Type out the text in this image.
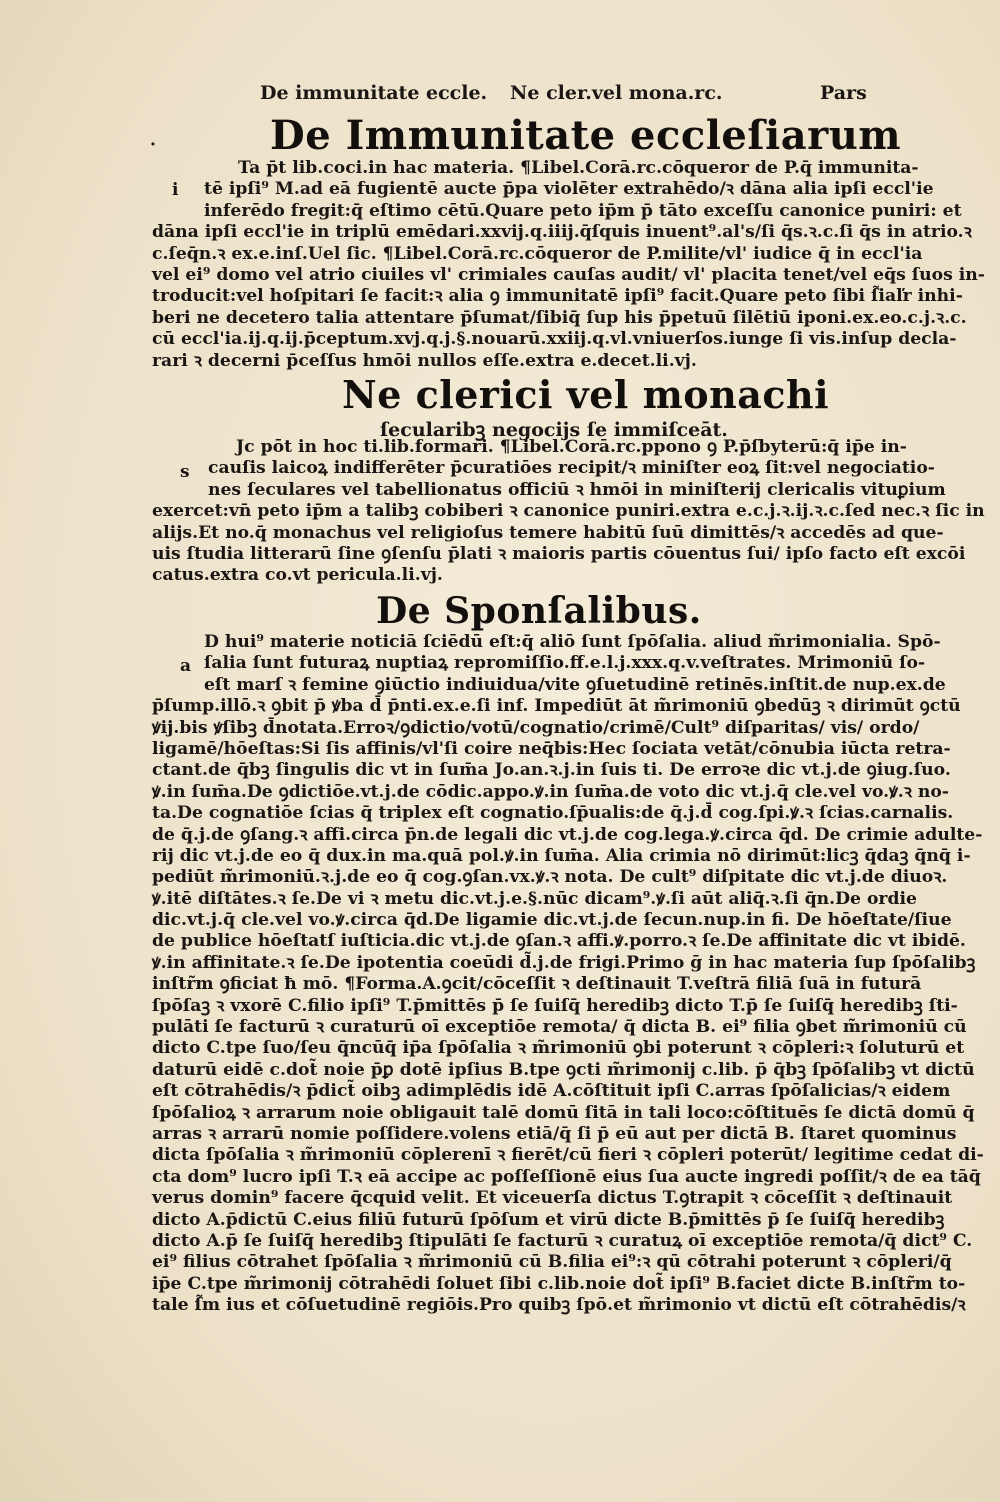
De immunitate eccle. Ne cler.vel mona.rc.	Pars
De Immunitate eccleſiarum
·
i
Ta p̄t lib.coci.in hac materia. ¶Libel.Corā.rc.cōqueror de P.q̄ immunita-
tē ipſi⁹ M.ad eā fugientē aucte p̄pa violēter extrahēdo/ꝛ dāna alia ipſi eccl'ie
inferēdo fregit:q̄ eſtimo cētū.Quare peto ip̄m p̄ tāto exceſſu canonice puniri: et
dāna ipſi eccl'ie in triplū emēdari.xxvij.q.iiij.q̄ſquis inuent⁹.al's/ſi q̄s.ꝛ.c.ſi q̄s in atrio.ꝛ
c.ſeq̄n.ꝛ ex.e.inſ.Uel ſic. ¶Libel.Corā.rc.cōqueror de P.milite/vl' iudice q̄ in eccl'ia
vel ei⁹ domo vel atrio ciuiles vl' crimiales cauſas audit/ vl' placita tenet/vel eq̄s ſuos in-
troducit:vel hoſpitari ſe facit:ꝛ alia ꝯ immunitatē ipſi⁹ facit.Quare peto ſibi ſ̃iaľr inhi-
beri ne decetero talia attentare p̄ſumat/ſibiq̄ ſup his p̄petuū ſilētiū iponi.ex.eo.c.j.ꝛ.c.
cū eccl'ia.ij.q.ij.p̄ceptum.xvj.q.j.§.nouarū.xxiij.q.vl.vniuerſos.iunge ſi vis.inſup decla-
rari ꝛ decerni p̄ceſſus hmōi nullos eſſe.extra e.decet.li.vj.
Ne clerici vel monachi
ſecularibꝫ negocijs ſe immiſceāt.
s
Jc pōt in hoc ti.lib.formari. ¶Libel.Corā.rc.ppono ꝯ P.p̄ſbyterū:q̄ ip̄e in-
cauſis laicoꝝ indifferēter p̄curatiōes recipit/ꝛ miniſter eoꝝ ſit:vel negociatio-
nes ſeculares vel tabellionatus officiū ꝛ hmōi in miniſterij clericalis vituꝑium
exercet:vn̄ peto ip̄m a talibꝫ cobiberi ꝛ canonice puniri.extra e.c.j.ꝛ.ij.ꝛ.c.ſed nec.ꝛ ſic in
alijs.Et no.q̄ monachus vel religioſus temere habitū ſuū dimittēs/ꝛ accedēs ad que-
uis ſtudia litterarū ſine ꝯſenſu p̄lati ꝛ maioris partis cōuentus ſui/ ipſo facto eſt excōi
catus.extra co.vt pericula.li.vj.
De Sponſalibus.
a
D hui⁹ materie noticiā ſciēdū eſt:q̄ aliō ſunt ſpōſalia. aliud m̃rimonialia. Spō-
ſalia ſunt futuraꝝ nuptiaꝝ repromiſſio.ff.e.l.j.xxx.q.v.veſtrates. Mrimoniū ſo-
eſt marſ ꝛ femine ꝯiūctio indiuidua/vite ꝯſuetudinē retinēs.inſtit.de nup.ex.de
p̄ſump.illō.ꝛ ꝯbit p̄ ꝟba d̄ p̄nti.ex.e.ſi inf. Impediūt āt m̃rimoniū ꝯbedūꝫ ꝛ dirimūt ꝯctū
ꝟij.bis ꝟſibꝫ d̄notata.Erroꝛ/ꝯdictio/votū/cognatio/crimē/Cult⁹ diſparitas/ vis/ ordo/
ligamē/hōeſtas:Si ſis affinis/vl'ſi coire neq̄bis:Hec ſociata vetāt/cōnubia iūcta retra-
ctant.de q̄bꝫ ſingulis dic vt in ſum̄a Jo.an.ꝛ.j.in ſuis ti. De erroꝛe dic vt.j.de ꝯiug.ſuo.
ꝟ.in ſum̄a.De ꝯdictiōe.vt.j.de cōdic.appo.ꝟ.in ſum̄a.de voto dic vt.j.q̄ cle.vel vo.ꝟ.ꝛ no-
ta.De cognatiōe ſcias q̄ triplex eſt cognatio.ſp̄ualis:de q̄.j.d̄ cog.ſpi.ꝟ.ꝛ ſcias.carnalis.
de q̄.j.de ꝯſang.ꝛ affi.circa p̄n.de legali dic vt.j.de cog.lega.ꝟ.circa q̄d. De crimie adulte-
rij dic vt.j.de eo q̄ dux.in ma.quā pol.ꝟ.in ſum̄a. Alia crimia nō dirimūt:licꝫ q̄daꝫ q̄nq̄ i-
pediūt m̃rimoniū.ꝛ.j.de eo q̄ cog.ꝯſan.vx.ꝟ.ꝛ nota. De cult⁹ diſpitate dic vt.j.de diuoꝛ.
ꝟ.itē diſtātes.ꝛ ſe.De vi ꝛ metu dic.vt.j.e.§.nūc dicam⁹.ꝟ.ſi aūt aliq̄.ꝛ.ſi q̄n.De ordie
dic.vt.j.q̄ cle.vel vo.ꝟ.circa q̄d.De ligamie dic.vt.j.de ſecun.nup.in fi. De hōeſtate/ſiue
de publice hōeſtatſ iuſticia.dic vt.j.de ꝯſan.ꝛ affi.ꝟ.porro.ꝛ ſe.De affinitate dic vt ibidē.
ꝟ.in affinitate.ꝛ ſe.De ipotentia coeūdi d̃.j.de frigi.Primo ḡ in hac materia ſup ſpōſalibꝫ
inſtr̃m ꝯficiat ħ mō. ¶Forma.A.ꝯcit/cōceſſit ꝛ deſtinauit T.veſtrā filiā ſuā in futurā
ſpōſaꝫ ꝛ vxorē C.filio ipſi⁹ T.p̄mittēs p̄ ſe ſuiſq̄ heredibꝫ dicto T.p̄ ſe ſuiſq̄ heredibꝫ ſti-
pulāti ſe facturū ꝛ curaturū oī exceptiōe remota/ q̄ dicta B. ei⁹ filia ꝯbet m̃rimoniū cū
dicto C.tpe ſuo/ſeu q̄ncūq̄ ip̄a ſpōſalia ꝛ m̃rimoniū ꝯbi poterunt ꝛ cōpleri:ꝛ ſoluturū et
daturū eidē c.dot̃ noie p̄ꝑ dotē ipſius B.tpe ꝯcti m̃rimonij c.lib. p̄ q̄bꝫ ſpōſalibꝫ vt dictū
eſt cōtrahēdis/ꝛ p̄dict̃ oibꝫ adimplēdis idē A.cōſtituit ipſi C.arras ſpōſalicias/ꝛ eidem
ſpōſalioꝝ ꝛ arrarum noie obligauit talē domū ſitā in tali loco:cōſtituēs ſe dictā domū q̄
arras ꝛ arrarū nomie poſſidere.volens etiā/q̄ ſi p̄ eū aut per dictā B. ſtaret quominus
dicta ſpōſalia ꝛ m̃rimoniū cōplerenī ꝛ fierēt/cū fieri ꝛ cōpleri poterūt/ legitime cedat di-
cta dom⁹ lucro ipſi T.ꝛ eā accipe ac poſſeſſionē eius ſua aucte ingredi poſſit/ꝛ de ea tāq̄
verus domin⁹ facere q̄cquid velit. Et viceuerſa dictus T.ꝯtrapit ꝛ cōceſſit ꝛ deſtinauit
dicto A.p̄dictū C.eius filiū futurū ſpōſum et virū dicte B.p̄mittēs p̄ ſe ſuiſq̄ heredibꝫ
dicto A.p̄ ſe ſuiſq̄ heredibꝫ ſtipulāti ſe facturū ꝛ curatuꝝ oī exceptiōe remota/q̄ dict⁹ C.
ei⁹ filius cōtrahet ſpōſalia ꝛ m̃rimoniū cū B.filia ei⁹:ꝛ qū cōtrahi poterunt ꝛ cōpleri/q̄
ip̄e C.tpe m̃rimonij cōtrahēdi ſoluet ſibi c.lib.noie dot̃ ipſi⁹ B.faciet dicte B.inſtr̃m to-
tale ſ̃m ius et cōſuetudinē regiōis.Pro quibꝫ ſpō.et m̃rimonio vt dictū eſt cōtrahēdis/ꝛ
